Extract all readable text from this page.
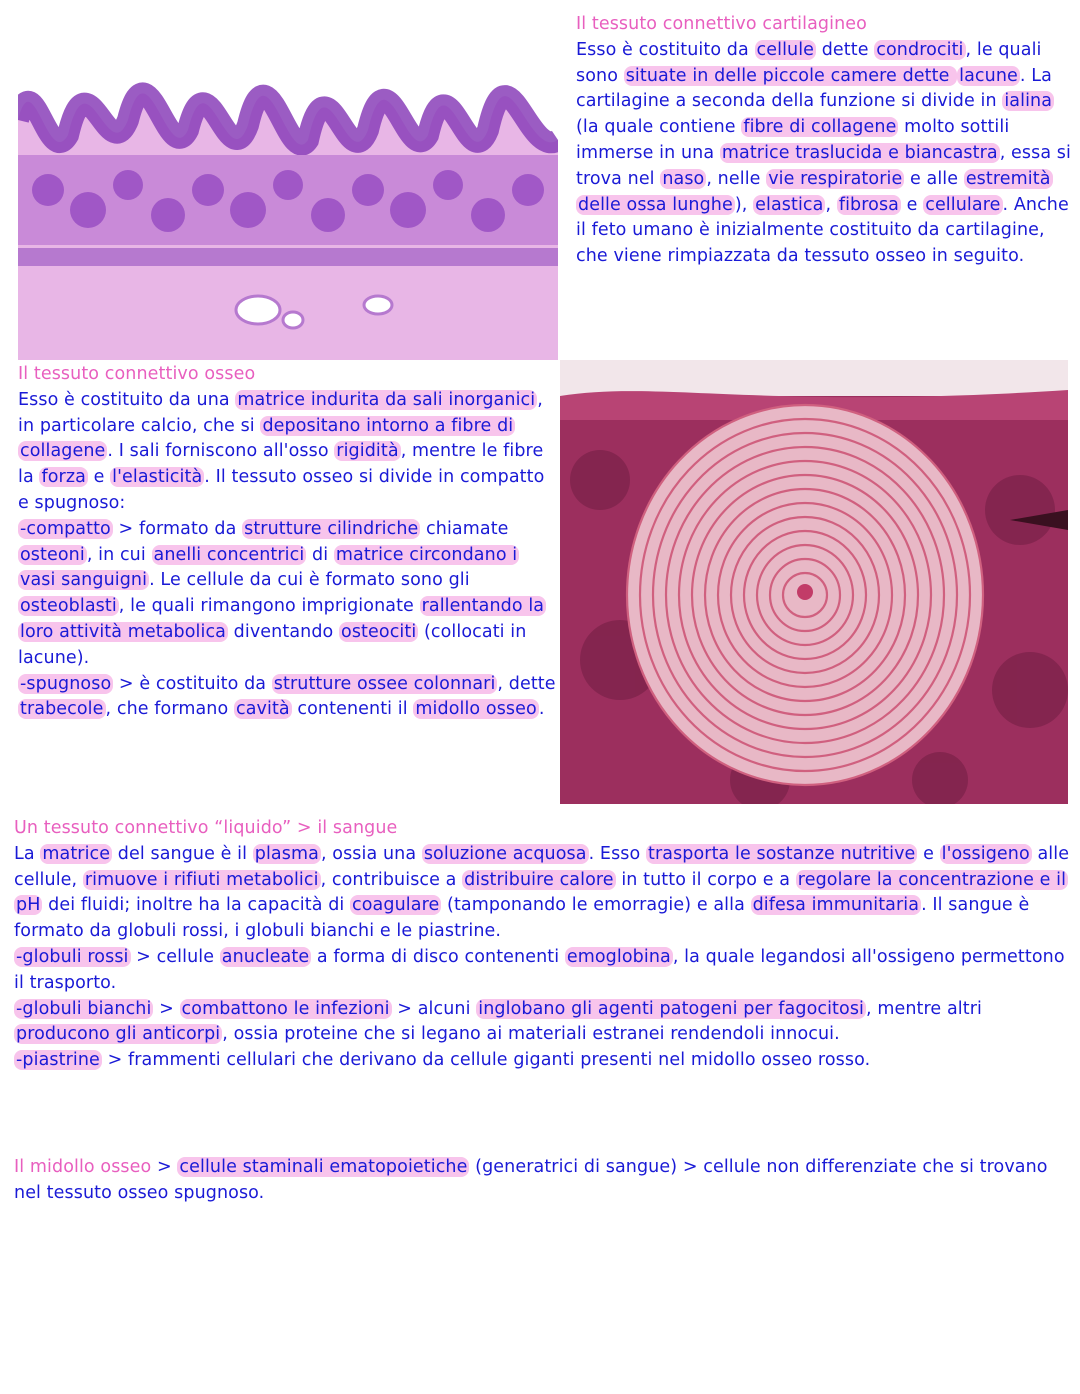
Il tessuto connettivo cartilagineo

Esso è costituito da cellule dette condrociti , le quali sono situate in delle piccole camere dette lacune . La cartilagine a seconda della funzione si divide in ialina (la quale contiene fibre di collagene molto sottili immerse in una matrice traslucida e biancastra , essa si trova nel naso , nelle vie respiratorie e alle estremità delle ossa lunghe ), elastica , fibrosa e cellulare . Anche il feto umano è inizialmente costituito da cartilagine, che viene rimpiazzata da tessuto osseo in seguito.

Il tessuto connettivo osseo

Esso è costituito da una matrice indurita da sali inorganici , in particolare calcio, che si depositano intorno a fibre di collagene . I sali forniscono all'osso rigidità , mentre le fibre la forza e l'elasticità . Il tessuto osseo si divide in compatto e spugnoso:

-compatto > formato da strutture cilindriche chiamate osteoni , in cui anelli concentrici di matrice circondano i vasi sanguigni . Le cellule da cui è formato sono gli osteoblasti , le quali rimangono imprigionate rallentando la loro attività metabolica diventando osteociti (collocati in lacune).

-spugnoso > è costituito da strutture ossee colonnari , dette trabecole , che formano cavità contenenti il midollo osseo .

Un tessuto connettivo “liquido” > il sangue

La matrice del sangue è il plasma , ossia una soluzione acquosa . Esso trasporta le sostanze nutritive e l'ossigeno alle cellule, rimuove i rifiuti metabolici , contribuisce a distribuire calore in tutto il corpo e a regolare la concentrazione e il pH dei fluidi; inoltre ha la capacità di coagulare (tamponando le emorragie) e alla difesa immunitaria . Il sangue è formato da globuli rossi, i globuli bianchi e le piastrine.

-globuli rossi > cellule anucleate a forma di disco contenenti emoglobina , la quale legandosi all'ossigeno permettono il trasporto.

-globuli bianchi > combattono le infezioni > alcuni inglobano gli agenti patogeni per fagocitosi , mentre altri producono gli anticorpi , ossia proteine che si legano ai materiali estranei rendendoli innocui.

-piastrine > frammenti cellulari che derivano da cellule giganti presenti nel midollo osseo rosso.

Il midollo osseo > cellule staminali ematopoietiche (generatrici di sangue) > cellule non differenziate che si trovano nel tessuto osseo spugnoso.
